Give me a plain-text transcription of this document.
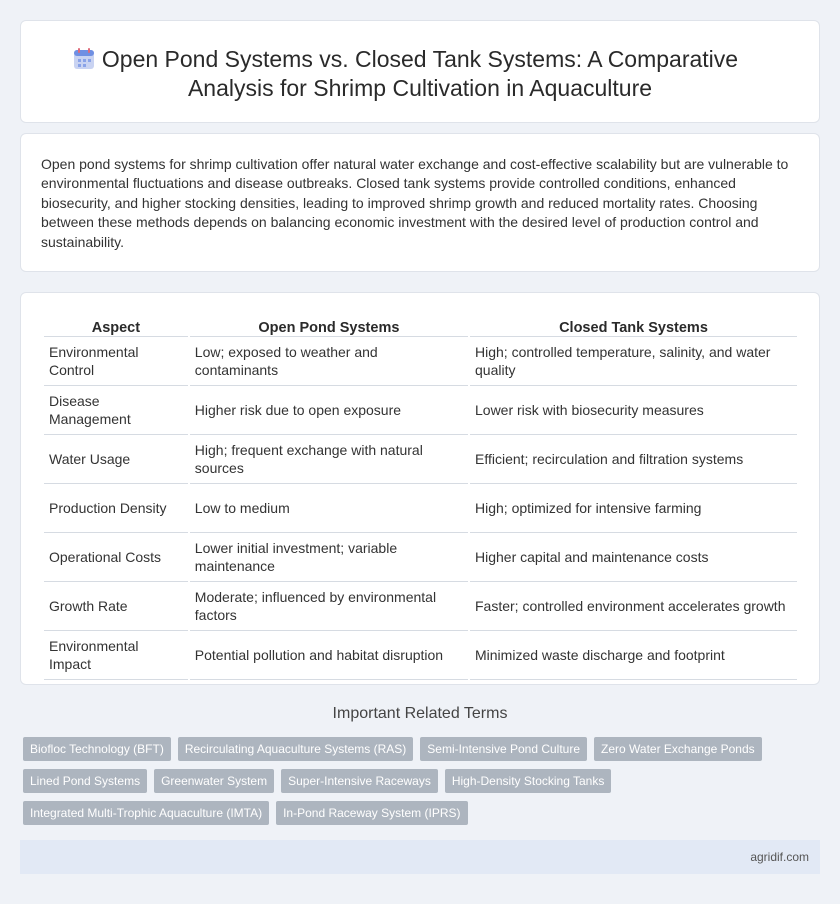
Open Pond Systems vs. Closed Tank Systems: A Comparative Analysis for Shrimp Cultivation in Aquaculture

Open pond systems for shrimp cultivation offer natural water exchange and cost-effective scalability but are vulnerable to environmental fluctuations and disease outbreaks. Closed tank systems provide controlled conditions, enhanced biosecurity, and higher stocking densities, leading to improved shrimp growth and reduced mortality rates. Choosing between these methods depends on balancing economic investment with the desired level of production control and sustainability.

Aspect	Open Pond Systems	Closed Tank Systems
Environmental Control	Low; exposed to weather and contaminants	High; controlled temperature, salinity, and water quality
Disease Management	Higher risk due to open exposure	Lower risk with biosecurity measures
Water Usage	High; frequent exchange with natural sources	Efficient; recirculation and filtration systems
Production Density	Low to medium	High; optimized for intensive farming
Operational Costs	Lower initial investment; variable maintenance	Higher capital and maintenance costs
Growth Rate	Moderate; influenced by environmental factors	Faster; controlled environment accelerates growth
Environmental Impact	Potential pollution and habitat disruption	Minimized waste discharge and footprint
Important Related Terms
Biofloc Technology (BFT)	Recirculating Aquaculture Systems (RAS)	Semi-Intensive Pond Culture	Zero Water Exchange Ponds
Lined Pond Systems	Greenwater System	Super-Intensive Raceways	High-Density Stocking Tanks
Integrated Multi-Trophic Aquaculture (IMTA)	In-Pond Raceway System (IPRS)
agridif.com
